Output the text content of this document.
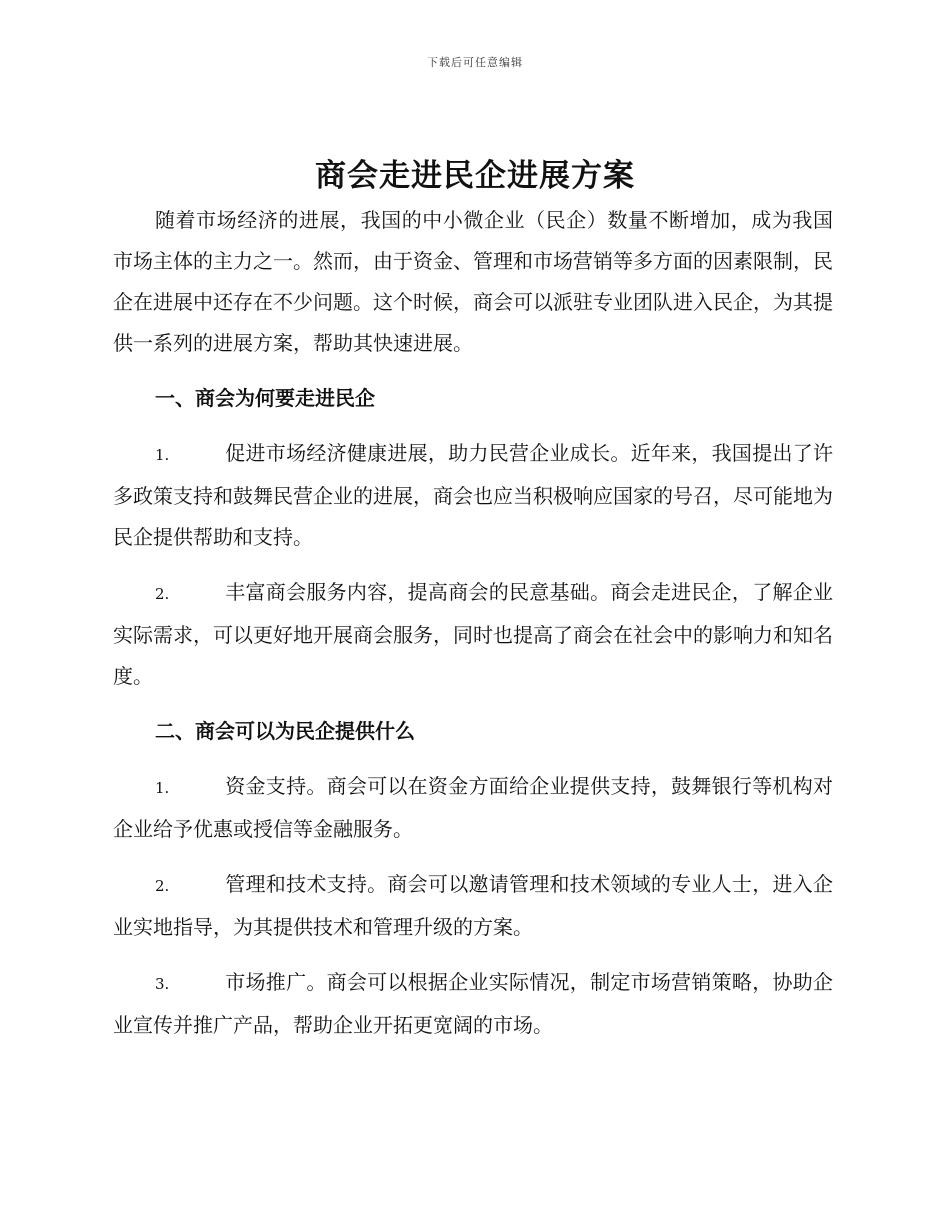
下载后可任意编辑
商会走进民企进展方案

随着市场经济的进展，我国的中小微企业（民企）数量不断增加，成为我国市场主体的主力之一。然而，由于资金、管理和市场营销等多方面的因素限制，民企在进展中还存在不少问题。这个时候，商会可以派驻专业团队进入民企，为其提供一系列的进展方案，帮助其快速进展。

一、商会为何要走进民企

1.	促进市场经济健康进展，助力民营企业成长。近年来，我国提出了许多政策支持和鼓舞民营企业的进展，商会也应当积极响应国家的号召，尽可能地为民企提供帮助和支持。

2.	丰富商会服务内容，提高商会的民意基础。商会走进民企，了解企业实际需求，可以更好地开展商会服务，同时也提高了商会在社会中的影响力和知名度。

二、商会可以为民企提供什么

1.	资金支持。商会可以在资金方面给企业提供支持，鼓舞银行等机构对企业给予优惠或授信等金融服务。

2.	管理和技术支持。商会可以邀请管理和技术领域的专业人士，进入企业实地指导，为其提供技术和管理升级的方案。

3.	市场推广。商会可以根据企业实际情况，制定市场营销策略，协助企业宣传并推广产品，帮助企业开拓更宽阔的市场。
